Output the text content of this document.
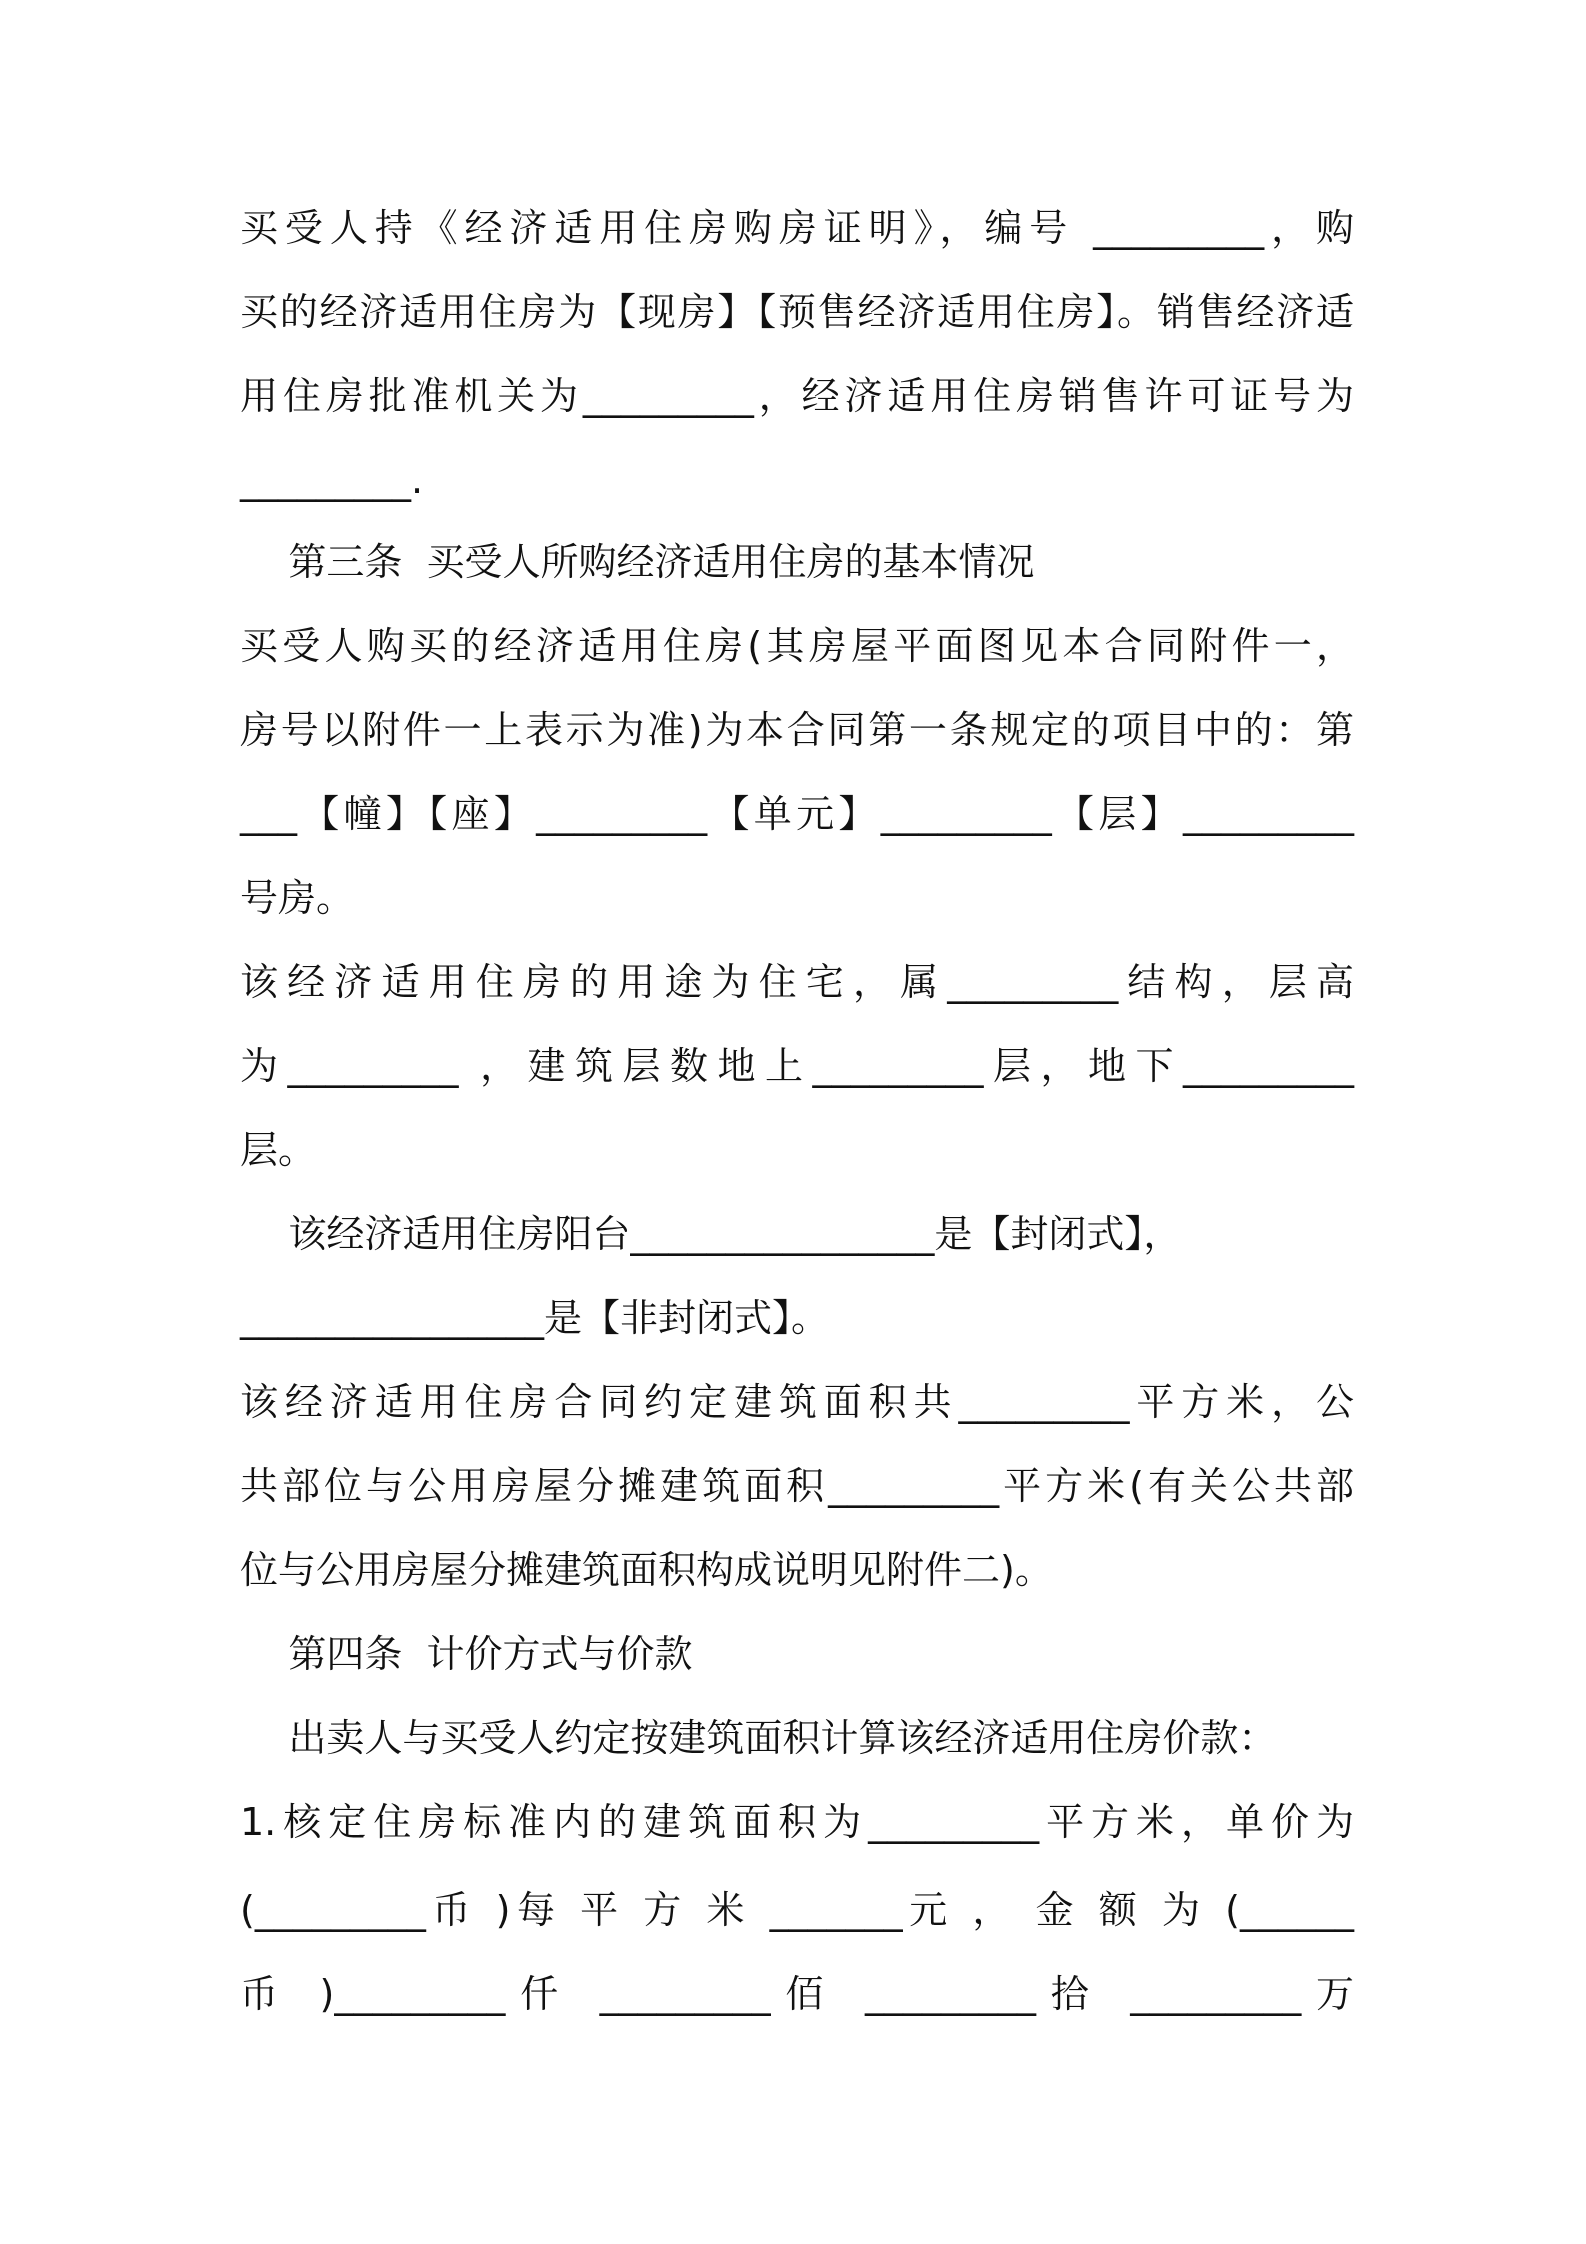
买受人持《经济适用住房购房证明》，编号 _________，购
买的经济适用住房为【现房】【预售经济适用住房】。销售经济适
用住房批准机关为_________，经济适用住房销售许可证号为
_________.
第三条  买受人所购经济适用住房的基本情况
买受人购买的经济适用住房(其房屋平面图见本合同附件一，
房号以附件一上表示为准)为本合同第一条规定的项目中的：第
___【幢】【座】_________【单元】_________【层】_________
号房。
该经济适用住房的用途为住宅，属_________结构，层高
为_________ ，建筑层数地上_________层，地下_________
层。
该经济适用住房阳台________________是【封闭式】，
________________是【非封闭式】。
该经济适用住房合同约定建筑面积共_________平方米，公
共部位与公用房屋分摊建筑面积_________平方米(有关公共部
位与公用房屋分摊建筑面积构成说明见附件二)。
第四条  计价方式与价款
出卖人与买受人约定按建筑面积计算该经济适用住房价款：
1.核定住房标准内的建筑面积为_________平方米，单价为
(_________币 )每 平 方 米 _______元 ， 金 额 为 (______
币 )_________仟 _________佰 _________拾 _________万
